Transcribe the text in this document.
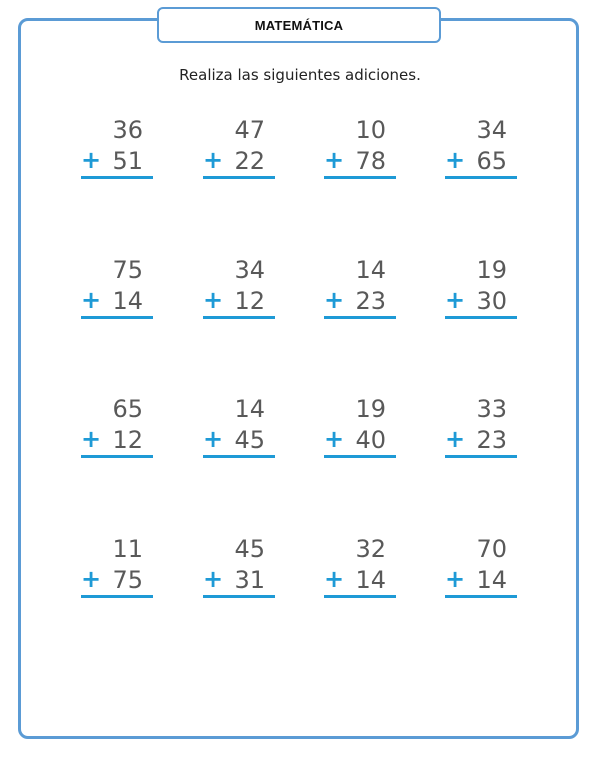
MATEMÁTICA
Realiza las siguientes adiciones.
36
+ 51
47
+ 22
10
+ 78
34
+ 65
75
+ 14
34
+ 12
14
+ 23
19
+ 30
65
+ 12
14
+ 45
19
+ 40
33
+ 23
11
+ 75
45
+ 31
32
+ 14
70
+ 14
